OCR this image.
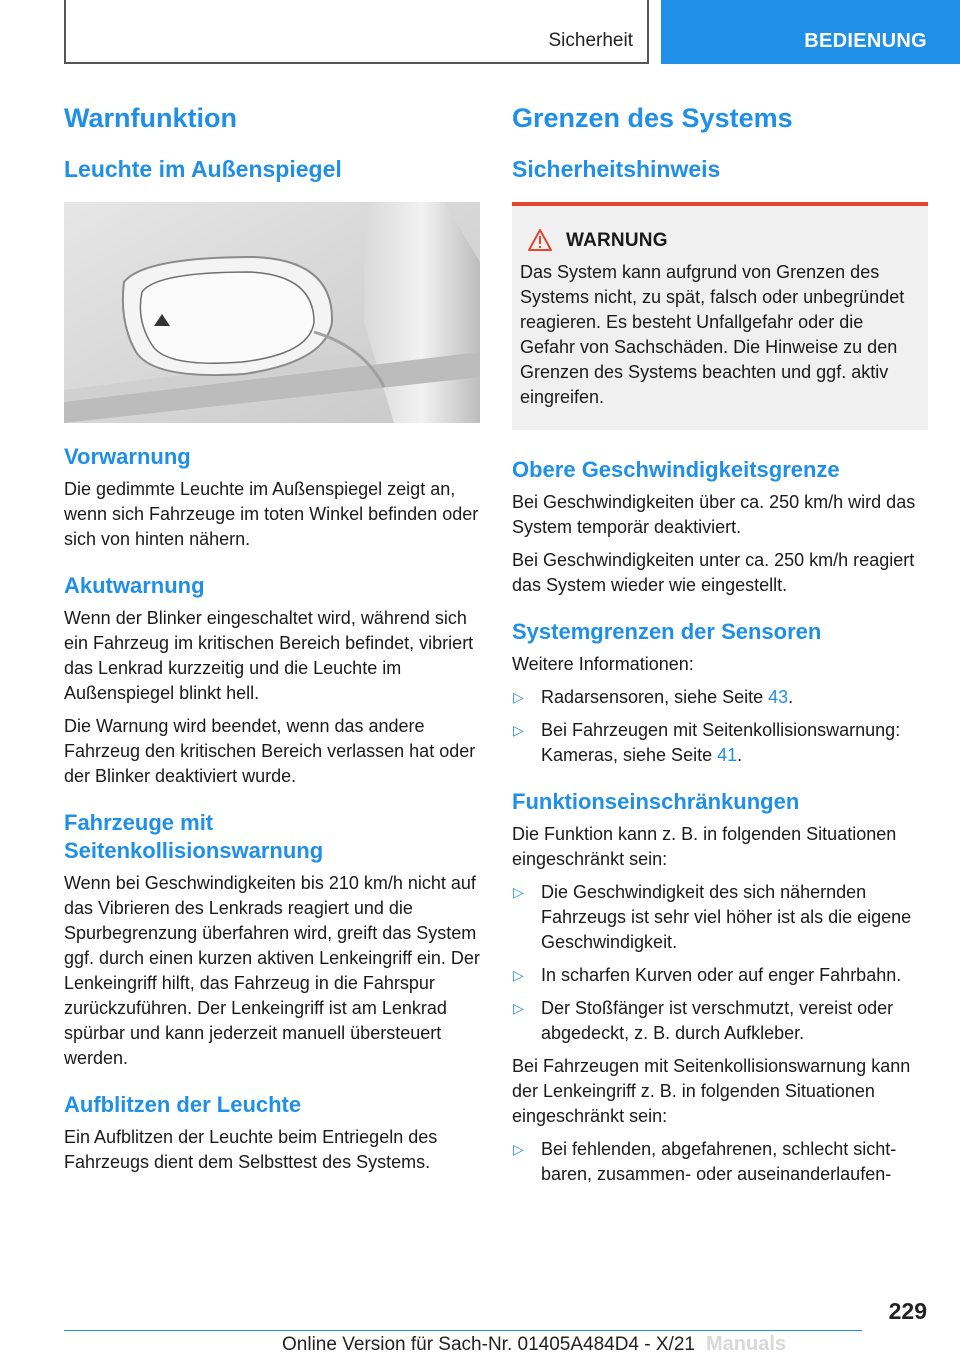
Sicherheit	BEDIENUNG
Warnfunktion
Leuchte im Außenspiegel
Vorwarnung

Die gedimmte Leuchte im Außenspiegel zeigt an, wenn sich Fahrzeuge im toten Winkel befinden oder sich von hinten nähern.

Akutwarnung

Wenn der Blinker eingeschaltet wird, während sich ein Fahrzeug im kritischen Bereich befindet, vibriert das Lenkrad kurzzeitig und die Leuchte im Außenspiegel blinkt hell.

Die Warnung wird beendet, wenn das andere Fahrzeug den kritischen Bereich verlassen hat oder der Blinker deaktiviert wurde.

Fahrzeuge mit
Seitenkollisionswarnung

Wenn bei Geschwindigkeiten bis 210 km/h nicht auf das Vibrieren des Lenkrads reagiert und die Spurbegrenzung überfahren wird, greift das System ggf. durch einen kurzen aktiven Lenkeingriff ein. Der Lenkeingriff hilft, das Fahrzeug in die Fahrspur zurückzuführen. Der Lenkeingriff ist am Lenkrad spürbar und kann jederzeit manuell übersteuert werden.

Aufblitzen der Leuchte

Ein Aufblitzen der Leuchte beim Entriegeln des Fahrzeugs dient dem Selbsttest des Systems.

Grenzen des Systems
Sicherheitshinweis
WARNUNG

Das System kann aufgrund von Grenzen des Systems nicht, zu spät, falsch oder unbegründet reagieren. Es besteht Unfallgefahr oder die Gefahr von Sachschäden. Die Hinweise zu den Grenzen des Systems beachten und ggf. aktiv eingreifen.

Obere Geschwindigkeitsgrenze

Bei Geschwindigkeiten über ca. 250 km/h wird das System temporär deaktiviert.

Bei Geschwindigkeiten unter ca. 250 km/h reagiert das System wieder wie eingestellt.

Systemgrenzen der Sensoren

Weitere Informationen:

▷ Radarsensoren, siehe Seite 43.
▷ Bei Fahrzeugen mit Seitenkollisionswarnung: Kameras, siehe Seite 41.
Funktionseinschränkungen

Die Funktion kann z. B. in folgenden Situationen eingeschränkt sein:

▷ Die Geschwindigkeit des sich nähernden Fahrzeugs ist sehr viel höher ist als die eigene Geschwindigkeit.
▷ In scharfen Kurven oder auf enger Fahrbahn.
▷ Der Stoßfänger ist verschmutzt, vereist oder abgedeckt, z. B. durch Aufkleber.

Bei Fahrzeugen mit Seitenkollisionswarnung kann der Lenkeingriff z. B. in folgenden Situationen eingeschränkt sein:

▷ Bei fehlenden, abgefahrenen, schlecht sichtbaren, zusammen- oder auseinanderlaufen-
229
Online Version für Sach-Nr. 01405A484D4 - X/21 Manuals
